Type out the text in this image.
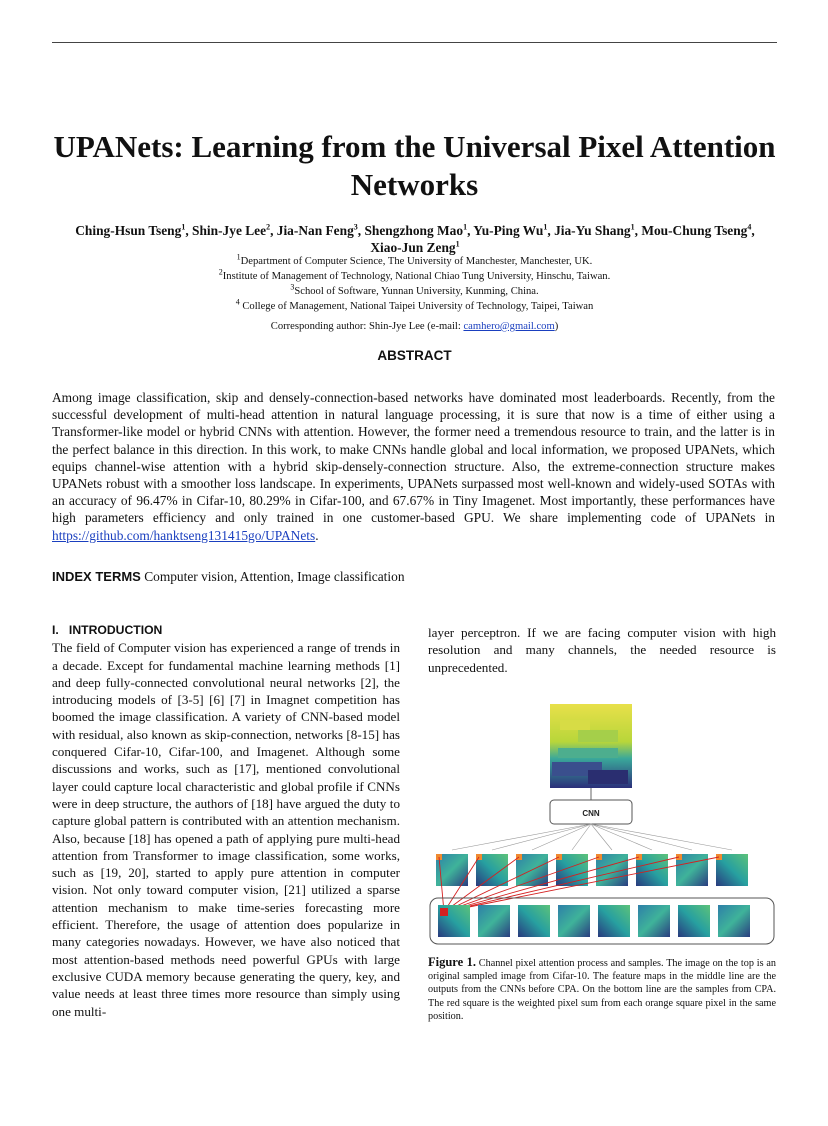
UPANets: Learning from the Universal Pixel Attention Networks
Ching-Hsun Tseng$^1$, Shin-Jye Lee$^2$, Jia-Nan Feng$^3$, Shengzhong Mao$^1$, Yu-Ping Wu$^1$, Jia-Yu Shang$^1$, Mou-Chung Tseng$^4$, Xiao-Jun Zeng$^1$
$^1$Department of Computer Science, The University of Manchester, Manchester, UK.
$^2$Institute of Management of Technology, National Chiao Tung University, Hinschu, Taiwan.
$^3$School of Software, Yunnan University, Kunming, China.
$^4$ College of Management, National Taipei University of Technology, Taipei, Taiwan
Corresponding author: Shin-Jye Lee (e-mail: camhero@gmail.com)
ABSTRACT
Among image classification, skip and densely-connection-based networks have dominated most leaderboards. Recently, from the successful development of multi-head attention in natural language processing, it is sure that now is a time of either using a Transformer-like model or hybrid CNNs with attention. However, the former need a tremendous resource to train, and the latter is in the perfect balance in this direction. In this work, to make CNNs handle global and local information, we proposed UPANets, which equips channel-wise attention with a hybrid skip-densely-connection structure. Also, the extreme-connection structure makes UPANets robust with a smoother loss landscape. In experiments, UPANets surpassed most well-known and widely-used SOTAs with an accuracy of 96.47% in Cifar-10, 80.29% in Cifar-100, and 67.67% in Tiny Imagenet. Most importantly, these performances have high parameters efficiency and only trained in one customer-based GPU. We share implementing code of UPANets in https://github.com/hanktseng131415go/UPANets.
INDEX TERMS Computer vision, Attention, Image classification
I.   INTRODUCTION
The field of Computer vision has experienced a range of trends in a decade. Except for fundamental machine learning methods [1] and deep fully-connected convolutional neural networks [2], the introducing models of [3-5] [6] [7] in Imagnet competition has boomed the image classification. A variety of CNN-based model with residual, also known as skip-connection, networks [8-15] has conquered Cifar-10, Cifar-100, and Imagenet. Although some discussions and works, such as [17], mentioned convolutional layer could capture local characteristic and global profile if CNNs were in deep structure, the authors of [18] have argued the duty to capture global pattern is contributed with an attention mechanism. Also, because [18] has opened a path of applying pure multi-head attention from Transformer to image classification, some works, such as [19, 20], started to apply pure attention in computer vision. Not only toward computer vision, [21] utilized a sparse attention mechanism to make time-series forecasting more efficient. Therefore, the usage of attention does popularize in many categories nowadays. However, we have also noticed that most attention-based methods need powerful GPUs with large exclusive CUDA memory because generating the query, key, and value needs at least three times more resource than simply using one multi-
layer perceptron. If we are facing computer vision with high resolution and many channels, the needed resource is unprecedented.
CNN
Figure 1. Channel pixel attention process and samples. The image on the top is an original sampled image from Cifar-10. The feature maps in the middle line are the outputs from the CNNs before CPA. On the bottom line are the samples from CPA. The red square is the weighted pixel sum from each orange square pixel in the same position.
